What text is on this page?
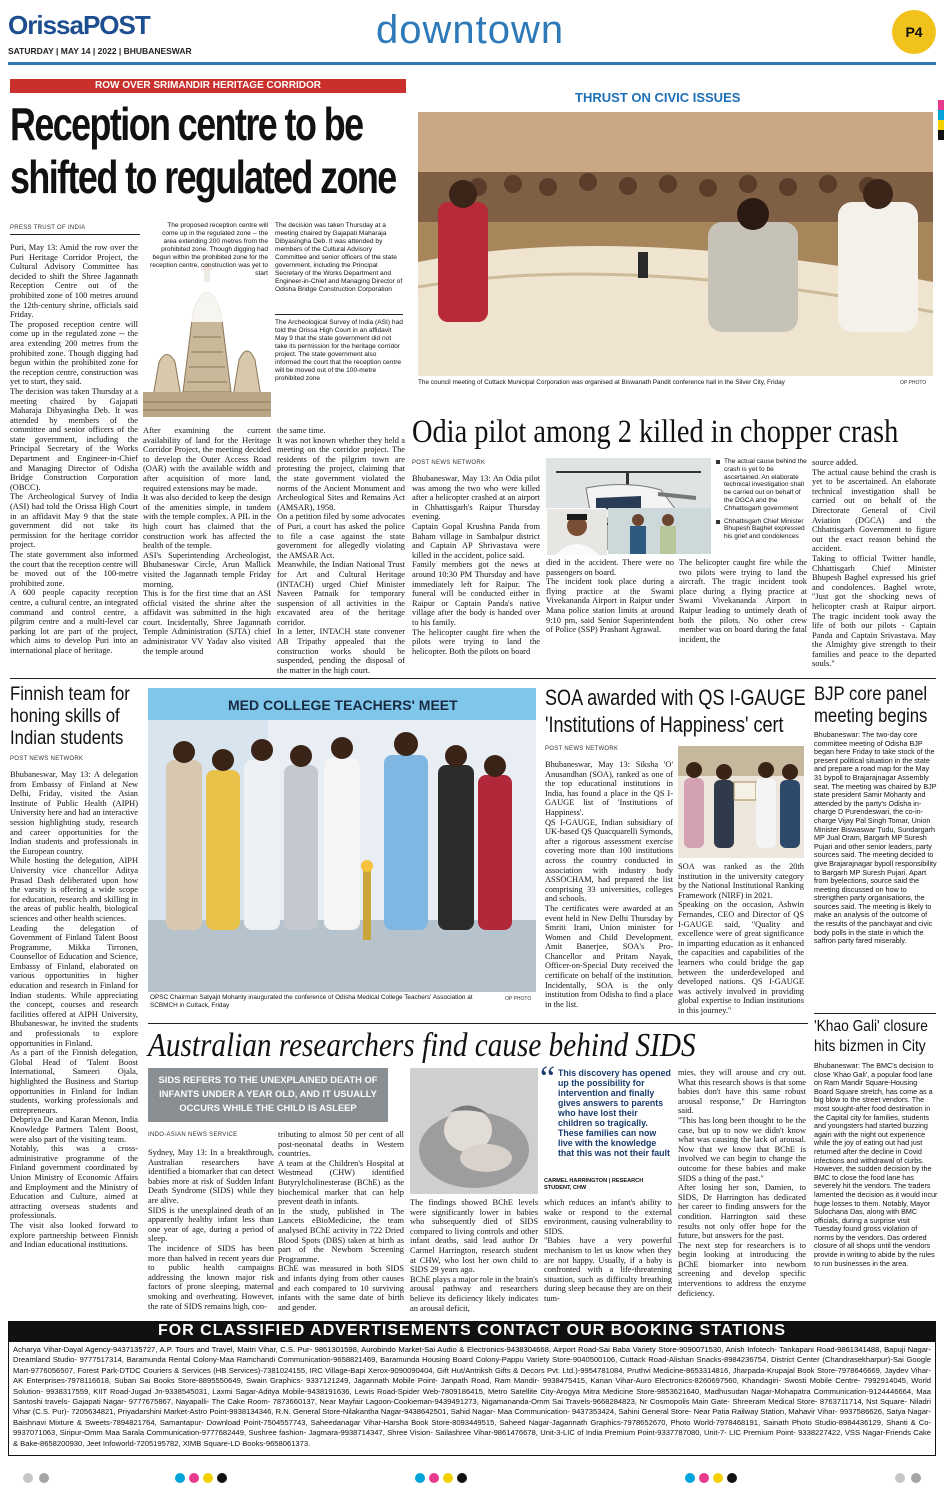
OrissaPOST
SATURDAY | MAY 14 | 2022 | BHUBANESWAR	downtown	P4
ROW OVER SRIMANDIR HERITAGE CORRIDOR
Reception centre to be
shifted to regulated zone
PRESS TRUST OF INDIA
Puri, May 13: Amid the row over the Puri Heritage Corridor Project, the Cultural Advisory Committee has decided to shift the Shree Jagannath Reception Centre out of the prohibited zone of 100 metres around the 12th-century shrine, officials said Friday.
The proposed reception centre will come up in the regulated zone -- the area extending 200 metres from the prohibited zone. Though digging had begun within the prohibited zone for the reception centre, construction was yet to start, they said.
The decision was taken Thursday at a meeting chaired by Gajapati Maharaja Dibyasingha Deb. It was attended by members of the committee and senior officers of the state government, including the Principal Secretary of the Works Department and Engineer-in-Chief and Managing Director of Odisha Bridge Construction Corporation (OBCC).
The Archeological Survey of India (ASI) had told the Orissa High Court in an affidavit May 9 that the state government did not take its permission for the heritage corridor project.
The state government also informed the court that the reception centre will be moved out of the 100-metre prohibited zone.
A 600 people capacity reception centre, a cultural centre, an integrated command and control centre, a pilgrim centre and a multi-level car parking lot are part of the project, which aims to develop Puri into an international place of heritage.
The proposed reception centre will come up in the regulated zone -- the area extending 200 metres from the prohibited zone. Though digging had begun within the prohibited zone for the reception centre, construction was yet to start
The decision was taken Thursday at a meeting chaired by Gajapati Maharaja Dibyasingha Deb. It was attended by members of the Cultural Advisory Committee and senior officers of the state government, including the Principal Secretary of the Works Department and Engineer-in-Chief and Managing Director of Odisha Bridge Construction Corporation
The Archeological Survey of India (ASI) had told the Orissa High Court in an affidavit May 9 that the state government did not take its permission for the heritage corridor project. The state government also informed the court that the reception centre will be moved out of the 100-metre prohibited zone
After examining the current availability of land for the Heritage Corridor Project, the meeting decided to develop the Outer Access Road (OAR) with the available width and after acquisition of more land, required extensions may be made.
It was also decided to keep the design of the amenities simple, in tandem with the temple complex. A PIL in the high court has claimed that the construction work has affected the health of the temple.
ASI's Superintending Archeologist, Bhubaneswar Circle, Arun Mallick visited the Jagannath temple Friday morning.
This is for the first time that an ASI official visited the shrine after the affidavit was submitted in the high court. Incidentally, Shree Jagannath Temple Administration (SJTA) chief administrator VV Yadav also visited the temple around
the same time.
It was not known whether they held a meeting on the corridor project. The residents of the pilgrim town are protesting the project, claiming that the state government violated the norms of the Ancient Monument and Archeological Sites and Remains Act (AMSAR), 1958.
On a petition filed by some advocates of Puri, a court has asked the police to file a case against the state government for allegedly violating the AMSAR Act.
Meanwhile, the Indian National Trust for Art and Cultural Heritage (INTACH) urged Chief Minister Naveen Patnaik for temporary suspension of all activities in the excavated area of the heritage corridor.
In a letter, INTACH state convener AB Tripathy appealed that the construction works should be suspended, pending the disposal of the matter in the high court.
THRUST ON CIVIC ISSUES
The council meeting of Cuttack Municipal Corporation was organised at Biswanath Pandit conference hall in the Silver City, Friday	OP PHOTO
Odia pilot among 2 killed in chopper crash
POST NEWS NETWORK
Bhubaneswar, May 13: An Odia pilot was among the two who were killed after a helicopter crashed at an airport in Chhattisgarh's Raipur Thursday evening.
Captain Gopal Krushna Panda from Baham village in Sambalpur district and Captain AP Shrivastava were killed in the accident, police said.
Family members got the news at around 10:30 PM Thursday and have immediately left for Raipur. The funeral will be conducted either in Raipur or Captain Panda's native village after the body is handed over to his family.
The helicopter caught fire when the pilots were trying to land the helicopter. Both the pilots on board
The actual cause behind the crash is yet to be ascertained. An elaborate technical investigation shall be carried out on behalf of the DGCA and the Chhattisgarh government
Chhattisgarh Chief Minister Bhupesh Baghel expressed his grief and condolences
died in the accident. There were no passengers on board.
The incident took place during a flying practice at the Swami Vivekananda Airport in Raipur under Mana police station limits at around 9:10 pm, said Senior Superintendent of Police (SSP) Prashant Agrawal.
The helicopter caught fire while the two pilots were trying to land the aircraft. The tragic incident took place during a flying practice at Swami Vivekananda Airport in Raipur leading to untimely death of both the pilots. No other crew member was on board during the fatal incident, the
source added.
The actual cause behind the crash is yet to be ascertained. An elaborate technical investigation shall be carried out on behalf of the Directorate General of Civil Aviation (DGCA) and the Chhattisgarh Government to figure out the exact reason behind the accident.
Taking to official Twitter handle, Chhattisgarh Chief Minister Bhupesh Baghel expressed his grief and condolences. Baghel wrote, "Just got the shocking news of helicopter crash at Raipur airport. The tragic incident took away the life of both our pilots - Captain Panda and Captain Srivastava. May the Almighty give strength to their families and peace to the departed souls."
Finnish team for
honing skills of
Indian students
POST NEWS NETWORK
Bhubaneswar, May 13: A delegation from Embassy of Finland at New Delhi, Friday, visited the Asian Institute of Public Health (AIPH) University here and had an interactive session highlighting study, research and career opportunities for the Indian students and professionals in the European country.
While hosting the delegation, AIPH University vice chancellor Aditya Prasad Dash deliberated upon how the varsity is offering a wide scope for education, research and skilling in the areas of public health, biological sciences and other health sciences.
Leading the delegation of Government of Finland Talent Boost Programme, Mikka Tirronen, Counsellor of Education and Science, Embassy of Finland, elaborated on various opportunities in higher education and research in Finland for Indian students. While appreciating the concept, courses and research facilities offered at AIPH University, Bhubaneswar, he invited the students and professionals to explore opportunities in Finland.
As a part of the Finnish delegation, Global Head of 'Talent Boost International, Sameeri Ojala, highlighted the Business and Startup opportunities in Finland for Indian students, working professionals and entrepreneurs.
Debpriya De and Karan Menon, India Knowledge Partners Talent Boost, were also part of the visiting team.
Notably, this was a cross-administrative programme of the Finland government coordinated by Union Ministry of Economic Affairs and Employment and the Ministry of Education and Culture, aimed at attracting overseas students and professionals.
The visit also looked forward to explore partnership between Finnish and Indian educational institutions.
MED COLLEGE TEACHERS' MEET
OPSC Chairman Satyajit Mohanty inaugurated the conference of Odisha Medical College Teachers' Association at SCBMCH in Cuttack, Friday
OP PHOTO
SOA awarded with QS I-GAUGE
'Institutions of Happiness' cert
POST NEWS NETWORK
Bhubaneswar, May 13: Siksha 'O' Anusandhan (SOA), ranked as one of the top educational institutions in India, has found a place in the QS I-GAUGE list of 'Institutions of Happiness'.
QS I-GAUGE, Indian subsidiary of UK-based QS Quacquarelli Symonds, after a rigorous assessment exercise covering more than 100 institutions across the country conducted in association with industry body ASSOCHAM, had prepared the list comprising 33 universities, colleges and schools.
The certificates were awarded at an event held in New Delhi Thursday by Smriti Irani, Union minister for Women and Child Development. Amit Banerjee, SOA's Pro-Chancellor and Pritam Nayak, Officer-on-Special Duty received the certificate on behalf of the institution. Incidentally, SOA is the only institution from Odisha to find a place in the list.
SOA was ranked as the 20th institution in the university category by the National Institutional Ranking Framework (NIRF) in 2021.
Speaking on the occasion, Ashwin Fernandes, CEO and Director of QS I-GAUGE said, "Quality and excellence were of great significance in imparting education as it enhanced the capacities and capabilities of the learners who could bridge the gap between the underdeveloped and developed nations. QS I-GAUGE was actively involved in providing global expertise to Indian institutions in this journey."
BJP core panel
meeting begins
Bhubaneswar: The two-day core committee meeting of Odisha BJP began here Friday to take stock of the present political situation in the state and prepare a road map for the May 31 bypoll to Brajarajnagar Assembly seat. The meeting was chaired by BJP state president Samir Mohanty and attended by the party's Odisha in-charge D Purendeswari, the co-in-charge Vijay Pal Singh Tomar, Union Minister Biswaswar Tudu, Sundargarh MP Jual Oram, Bargarh MP Suresh Pujari and other senior leaders, party sources said. The meeting decided to give Brajarajnagar bypoll responsibility to Bargarh MP Suresh Pujari. Apart from byelections, source said the meeting discussed on how to strengthen party organisations, the sources said. The meeting is likely to make an analysis of the outcome of the results of the panchayat and civic body polls in the state in which the saffron party fared miserably.
'Khao Gali' closure
hits bizmen in City
Bhubaneswar: The BMC's decision to close 'Khao Gali', a popular food lane on Ram Mandir Square-Housing Board Square stretch, has come as a big blow to the street vendors. The most sought-after food destination in the Capital city for families, students and youngsters had started buzzing again with the night out experience while the joy of eating out had just returned after the decline in Covid infections and withdrawal of curbs. However, the sudden decision by the BMC to close the food lane has severely hit the vendors. The traders lamented the decision as it would incur huge losses to them. Notably, Mayor Sulochana Das, along with BMC officials, during a surprise visit Tuesday found gross violation of norms by the vendors. Das ordered closure of all shops until the vendors provide in writing to abide by the rules to run businesses in the area.
Australian researchers find cause behind SIDS
SIDS REFERS TO THE UNEXPLAINED DEATH OF INFANTS UNDER A YEAR OLD, AND IT USUALLY OCCURS WHILE THE CHILD IS ASLEEP
INDO-ASIAN NEWS SERVICE
Sydney, May 13: In a breakthrough, Australian researchers have identified a biomarker that can detect babies more at risk of Sudden Infant Death Syndrome (SIDS) while they are alive.
SIDS is the unexplained death of an apparently healthy infant less than one year of age, during a period of sleep.
The incidence of SIDS has been more than halved in recent years due to public health campaigns addressing the known major risk factors of prone sleeping, maternal smoking and overheating. However, the rate of SIDS remains high, con-
tributing to almost 50 per cent of all post-neonatal deaths in Western countries.
A team at the Children's Hospital at Westmead (CHW) identified Butyrylcholinesterase (BChE) as the biochemical marker that can help prevent death in infants.
In the study, published in The Lancets eBioMedicine, the team analysed BChE activity in 722 Dried Blood Spots (DBS) taken at birth as part of the Newborn Screening Programme.
BChE was measured in both SIDS and infants dying from other causes and each compared to 10 surviving infants with the same date of birth and gender.
“ This discovery has opened up the possibility for intervention and finally gives answers to parents who have lost their children so tragically. These families can now live with the knowledge that this was not their fault
CARMEL HARRINGTON | RESEARCH
STUDENT, CHW
The findings showed BChE levels were significantly lower in babies who subsequently died of SIDS compared to living controls and other infant deaths, said lead author Dr Carmel Harrington, research student at CHW, who lost her own child to SIDS 29 years ago.
BChE plays a major role in the brain's arousal pathway and researchers believe its deficiency likely indicates an arousal deficit,
which reduces an infant's ability to wake or respond to the external environment, causing vulnerability to SIDS.
"Babies have a very powerful mechanism to let us know when they are not happy. Usually, if a baby is confronted with a life-threatening situation, such as difficulty breathing during sleep because they are on their tum-
mies, they will arouse and cry out. What this research shows is that some babies don't have this same robust arousal response," Dr Harrington said.
"This has long been thought to be the case, but up to now we didn't know what was causing the lack of arousal. Now that we know that BChE is involved we can begin to change the outcome for these babies and make SIDS a thing of the past."
After losing her son, Damien, to SIDS, Dr Harrington has dedicated her career to finding answers for the condition. Harrington said these results not only offer hope for the future, but answers for the past.
The next step for researchers is to begin looking at introducing the BChE biomarker into newborn screening and develop specific interventions to address the enzyme deficiency.
FOR CLASSIFIED ADVERTISEMENTS CONTACT OUR BOOKING STATIONS
Acharya Vihar-Dayal Agency-9437135727, A.P. Tours and Travel, Maitri Vihar, C.S. Pur- 9861301598, Aurobindo Market-Sai Audio & Electronics-9438304668, Airport Road-Sai Baba Variety Store-9090071530, Anish Infotech- Tankapani Road-9861341488, Bapuji Nagar- Dreamland Studio- 9777517314, Baramunda Rental Colony-Maa Ramchandi Communication-9658821469, Baramunda Housing Board Colony-Pappu Variety Store-9040500106, Cuttack Road-Alishan Snacks-8984236754, District Center (Chandrasekharpur)-Sai Google Mart-9776056507, Forest Park-DTDC Couriers & Services (HB Services)-7381024155, IRC Village-Bapi Xerox-9090090404, Gift Hut/Antriksh Gifts & Decors Pvt. Ltd.)-9954781084, Pruthvi Medicine-8653314816, Jharpada-Krupajal Book Store-7978646669, Jaydev Vihar-AK Enterprises-7978116618, Suban Sai Books Store-8895550649, Swain Graphics- 9337121249, Jagannath Mobile Point- Janpath Road, Ram Mandir- 9938475415, Kanan Vihar-Auro Electronics-8260697560, Khandagiri- Swosti Mobile Centre- 7992914045, World Solution- 9938317559, KIIT Road-Jugad Jn-9338545031, Laxmi Sagar-Aditya Mobile-9438191636, Lewis Road-Spider Web-7809186415, Metro Satellite City-Arogya Mitra Medicine Store-9853621640, Madhusudan Nagar-Mohapatra Communication-9124446664, Maa Santoshi travels- Gajapati Nagar- 9777675867, Nayapalli- The Cake Room- 7873660137, Near Mayfair Lagoon-Cookieman-9439491273, Nigamananda-Omm Sai Travels-9668284823, Nr Cosmopolis Main Gate- Shreeram Medical Store- 8763711714, Nst Square- Niladri Vihar (C.S. Pur)- 7205634821, Priyadarshini Market-Astro Point-9938134346, R.N. General Store-Nilakantha Nagar-9438642501, Sahid Nagar- Maa Communication- 9437353424, Sahini General Store- Near Patia Railway Station, Mahavir Vihar- 9937586626, Satya Nagar-Baishnavi Mixture & Sweets-7894821764, Samantapur- Download Point-7504557743, Saheedanagar Vihar-Harsha Book Store-8093449515, Saheed Nagar-Jagannath Graphics-7978652670, Photo World-7978468191, Sainath Photo Studio-8984436129, Shanti & Co-9937071063, Siripur-Omm Maa Sarala Communication-9777682449, Sushree fashion- Jagmara-9938714347, Shree Vision- Sailashree Vihar-9861476678, Unit-3-LIC of India Premium Point-9337787080, Unit-7- LIC Premium Point- 9338227422, VSS Nagar-Friends Cake & Bake-8658200930, Jeet Infoworld-7205195782, XIMB Square-LD Books-9658061373.
